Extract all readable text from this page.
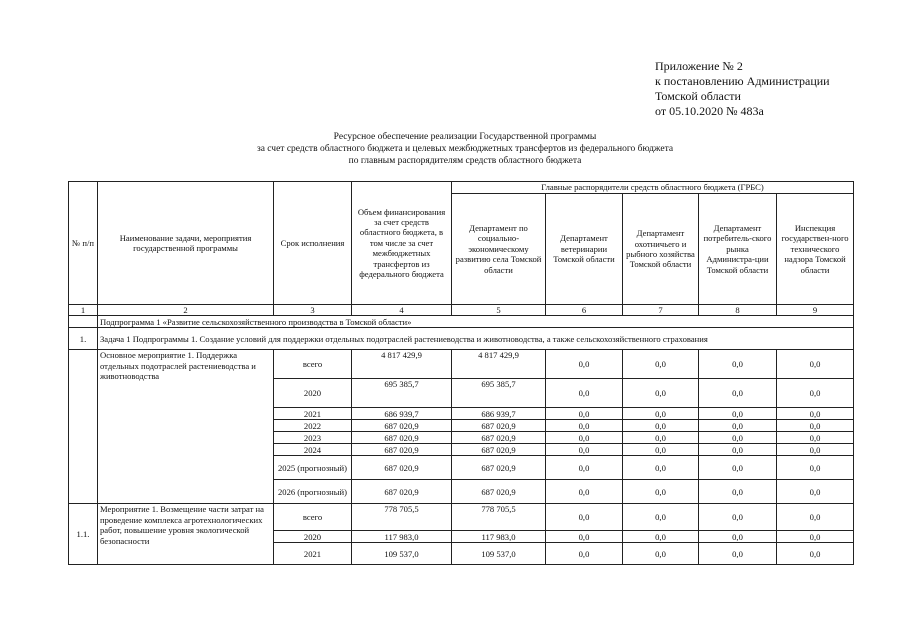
Приложение № 2
к постановлению Администрации
Томской области
от 05.10.2020 № 483а
Ресурсное обеспечение реализации Государственной программы
за счет средств областного бюджета и целевых межбюджетных трансфертов из федерального бюджета
по главным распорядителям средств областного бюджета
№ п/п	Наименование задачи, мероприятия государственной программы	Срок исполнения	Объем финансирования за счет средств областного бюджета, в том числе за счет межбюджетных трансфертов из федерального бюджета	Главные распорядители средств областного бюджета (ГРБС)				
				Департамент по социально-экономическому развитию села Томской области	Департамент ветеринарии Томской области	Департамент охотничьего и рыбного хозяйства Томской области	Департамент потребитель-ского рынка Администра-ции Томской области	Инспекция государствен-ного технического надзора Томской области
1	2	3	4	5	6	7	8	9
	Подпрограмма 1 «Развитие сельскохозяйственного производства в Томской области»							
1.	Задача 1 Подпрограммы 1. Создание условий для поддержки отдельных подотраслей растениеводства и животноводства, а также сельскохозяйственного страхования							
	Основное мероприятие 1. Поддержка отдельных подотраслей растениеводства и животноводства	всего	4 817 429,9	4 817 429,9	0,0	0,0	0,0	0,0
		2020	695 385,7	695 385,7	0,0	0,0	0,0	0,0
		2021	686 939,7	686 939,7	0,0	0,0	0,0	0,0
		2022	687 020,9	687 020,9	0,0	0,0	0,0	0,0
		2023	687 020,9	687 020,9	0,0	0,0	0,0	0,0
		2024	687 020,9	687 020,9	0,0	0,0	0,0	0,0
		2025 (прогнозный)	687 020,9	687 020,9	0,0	0,0	0,0	0,0
		2026 (прогнозный)	687 020,9	687 020,9	0,0	0,0	0,0	0,0
1.1.	Мероприятие 1. Возмещение части затрат на проведение комплекса агротехнологических работ, повышение уровня экологической безопасности	всего	778 705,5	778 705,5	0,0	0,0	0,0	0,0
		2020	117 983,0	117 983,0	0,0	0,0	0,0	0,0
		2021	109 537,0	109 537,0	0,0	0,0	0,0	0,0
